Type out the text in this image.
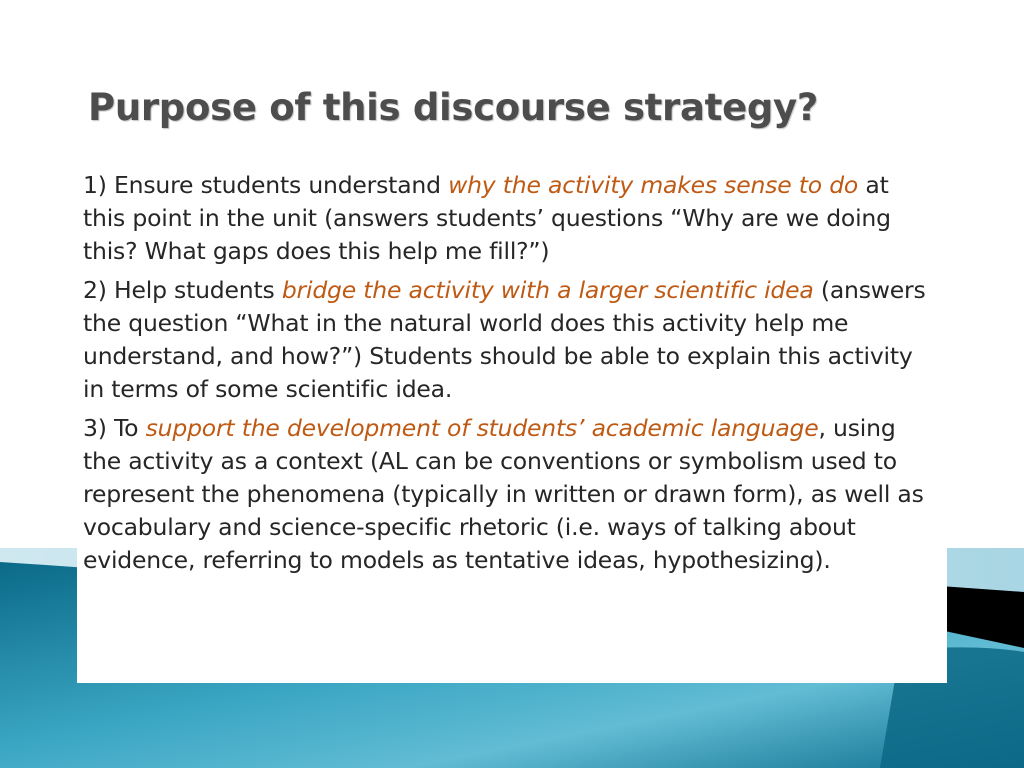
Purpose of this discourse strategy?

1) Ensure students understand why the activity makes sense to do at this point in the unit (answers students’ questions “Why are we doing this? What gaps does this help me fill?”)

2) Help students bridge the activity with a larger scientific idea (answers the question “What in the natural world does this activity help me understand, and how?”) Students should be able to explain this activity in terms of some scientific idea.

3) To support the development of students’ academic language, using the activity as a context (AL can be conventions or symbolism used to represent the phenomena (typically in written or drawn form), as well as vocabulary and science-specific rhetoric (i.e. ways of talking about evidence, referring to models as tentative ideas, hypothesizing).
